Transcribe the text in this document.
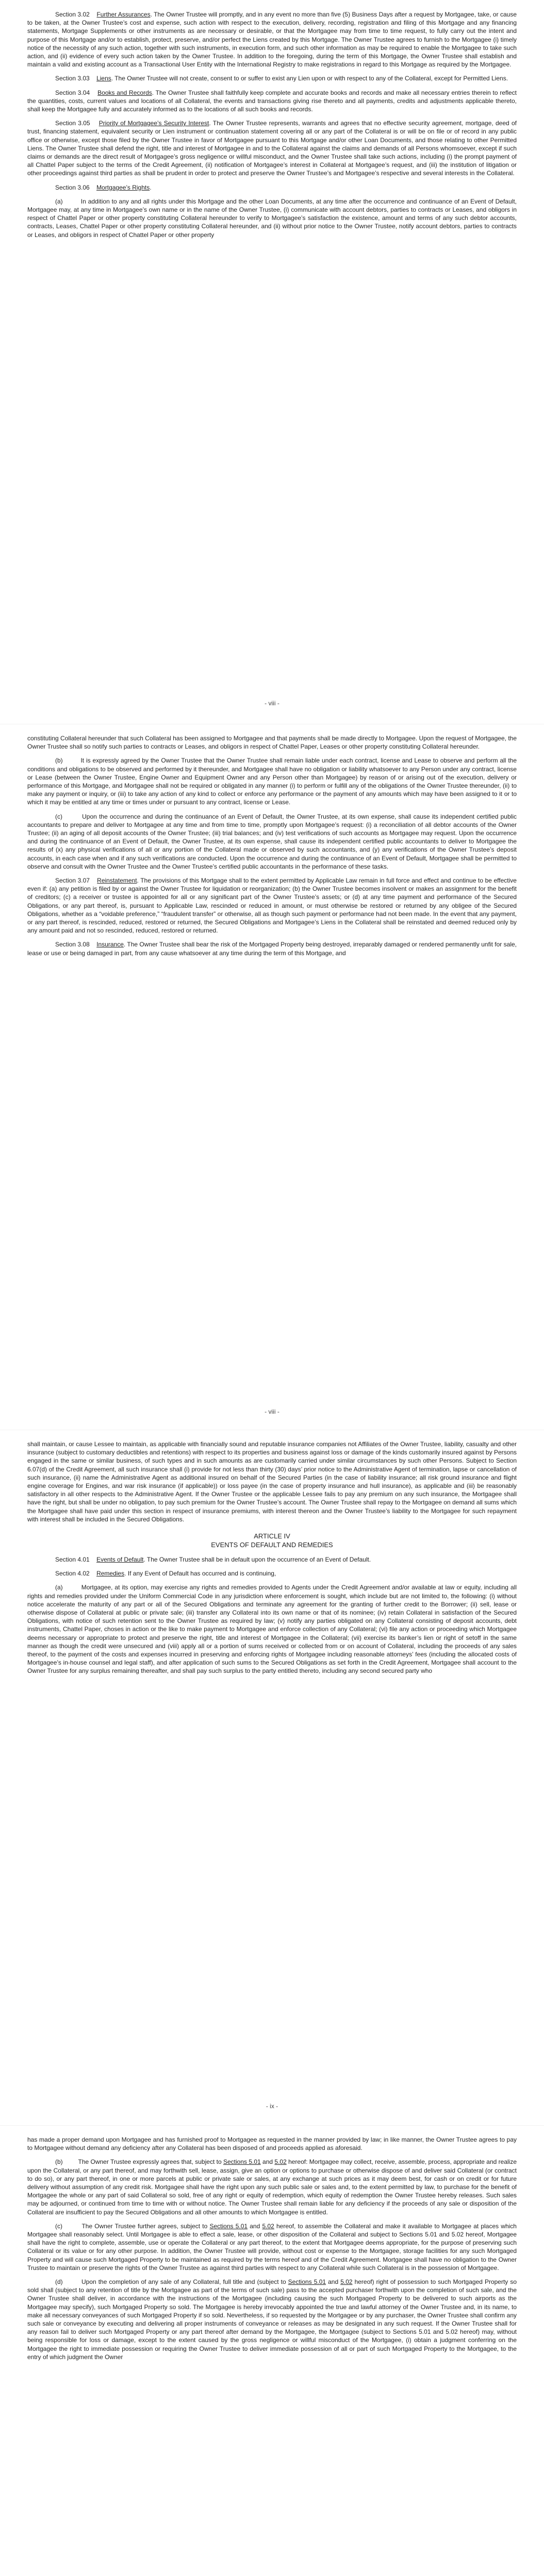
Section 3.02 Further Assurances. The Owner Trustee will promptly, and in any event no more than five (5) Business Days after a request by Mortgagee, take, or cause to be taken, at the Owner Trustee’s cost and expense, such action with respect to the execution, delivery, recording, registration and filing of this Mortgage and any financing statements, Mortgage Supplements or other instruments as are necessary or desirable, or that the Mortgagee may from time to time request, to fully carry out the intent and purpose of this Mortgage and/or to establish, protect, preserve, and/or perfect the Liens created by this Mortgage. The Owner Trustee agrees to furnish to the Mortgagee (i) timely notice of the necessity of any such action, together with such instruments, in execution form, and such other information as may be required to enable the Mortgagee to take such action, and (ii) evidence of every such action taken by the Owner Trustee. In addition to the foregoing, during the term of this Mortgage, the Owner Trustee shall establish and maintain a valid and existing account as a Transactional User Entity with the International Registry to make registrations in regard to this Mortgage as required by the Mortgagee.

Section 3.03 Liens. The Owner Trustee will not create, consent to or suffer to exist any Lien upon or with respect to any of the Collateral, except for Permitted Liens.

Section 3.04 Books and Records. The Owner Trustee shall faithfully keep complete and accurate books and records and make all necessary entries therein to reflect the quantities, costs, current values and locations of all Collateral, the events and transactions giving rise thereto and all payments, credits and adjustments applicable thereto, shall keep the Mortgagee fully and accurately informed as to the locations of all such books and records.

Section 3.05 Priority of Mortgagee’s Security Interest. The Owner Trustee represents, warrants and agrees that no effective security agreement, mortgage, deed of trust, financing statement, equivalent security or Lien instrument or continuation statement covering all or any part of the Collateral is or will be on file or of record in any public office or otherwise, except those filed by the Owner Trustee in favor of Mortgagee pursuant to this Mortgage and/or other Loan Documents, and those relating to other Permitted Liens. The Owner Trustee shall defend the right, title and interest of Mortgagee in and to the Collateral against the claims and demands of all Persons whomsoever, except if such claims or demands are the direct result of Mortgagee’s gross negligence or willful misconduct, and the Owner Trustee shall take such actions, including (i) the prompt payment of all Chattel Paper subject to the terms of the Credit Agreement, (ii) notification of Mortgagee’s interest in Collateral at Mortgagee’s request, and (iii) the institution of litigation or other proceedings against third parties as shall be prudent in order to protect and preserve the Owner Trustee’s and Mortgagee’s respective and several interests in the Collateral.

Section 3.06 Mortgagee’s Rights.

(a)	In addition to any and all rights under this Mortgage and the other Loan Documents, at any time after the occurrence and continuance of an Event of Default, Mortgagee may, at any time in Mortgagee’s own name or in the name of the Owner Trustee, (i) communicate with account debtors, parties to contracts or Leases, and obligors in respect of Chattel Paper or other property constituting Collateral hereunder to verify to Mortgagee’s satisfaction the existence, amount and terms of any such debtor accounts, contracts, Leases, Chattel Paper or other property constituting Collateral hereunder, and (ii) without prior notice to the Owner Trustee, notify account debtors, parties to contracts or Leases, and obligors in respect of Chattel Paper or other property

- viii -

constituting Collateral hereunder that such Collateral has been assigned to Mortgagee and that payments shall be made directly to Mortgagee. Upon the request of Mortgagee, the Owner Trustee shall so notify such parties to contracts or Leases, and obligors in respect of Chattel Paper, Leases or other property constituting Collateral hereunder.

(b)	It is expressly agreed by the Owner Trustee that the Owner Trustee shall remain liable under each contract, license and Lease to observe and perform all the conditions and obligations to be observed and performed by it thereunder, and Mortgagee shall have no obligation or liability whatsoever to any Person under any contract, license or Lease (between the Owner Trustee, Engine Owner and Equipment Owner and any Person other than Mortgagee) by reason of or arising out of the execution, delivery or performance of this Mortgage, and Mortgagee shall not be required or obligated in any manner (i) to perform or fulfill any of the obligations of the Owner Trustee thereunder, (ii) to make any payment or inquiry, or (iii) to take any action of any kind to collect or enforce any performance or the payment of any amounts which may have been assigned to it or to which it may be entitled at any time or times under or pursuant to any contract, license or Lease.

(c)	Upon the occurrence and during the continuance of an Event of Default, the Owner Trustee, at its own expense, shall cause its independent certified public accountants to prepare and deliver to Mortgagee at any time and from time to time, promptly upon Mortgagee’s request: (i) a reconciliation of all debtor accounts of the Owner Trustee; (ii) an aging of all deposit accounts of the Owner Trustee; (iii) trial balances; and (iv) test verifications of such accounts as Mortgagee may request. Upon the occurrence and during the continuance of an Event of Default, the Owner Trustee, at its own expense, shall cause its independent certified public accountants to deliver to Mortgagee the results of (x) any physical verifications of all or any portion of the Collateral made or observed by such accountants, and (y) any verifications of the Owner Trustee’s deposit accounts, in each case when and if any such verifications are conducted. Upon the occurrence and during the continuance of an Event of Default, Mortgagee shall be permitted to observe and consult with the Owner Trustee and the Owner Trustee’s certified public accountants in the performance of these tasks.

Section 3.07 Reinstatement. The provisions of this Mortgage shall to the extent permitted by Applicable Law remain in full force and effect and continue to be effective even if: (a) any petition is filed by or against the Owner Trustee for liquidation or reorganization; (b) the Owner Trustee becomes insolvent or makes an assignment for the benefit of creditors; (c) a receiver or trustee is appointed for all or any significant part of the Owner Trustee’s assets; or (d) at any time payment and performance of the Secured Obligations, or any part thereof, is, pursuant to Applicable Law, rescinded or reduced in amount, or must otherwise be restored or returned by any obligee of the Secured Obligations, whether as a “voidable preference,” “fraudulent transfer” or otherwise, all as though such payment or performance had not been made. In the event that any payment, or any part thereof, is rescinded, reduced, restored or returned, the Secured Obligations and Mortgagee’s Liens in the Collateral shall be reinstated and deemed reduced only by any amount paid and not so rescinded, reduced, restored or returned.

Section 3.08 Insurance. The Owner Trustee shall bear the risk of the Mortgaged Property being destroyed, irreparably damaged or rendered permanently unfit for sale, lease or use or being damaged in part, from any cause whatsoever at any time during the term of this Mortgage, and

- viii -

shall maintain, or cause Lessee to maintain, as applicable with financially sound and reputable insurance companies not Affiliates of the Owner Trustee, liability, casualty and other insurance (subject to customary deductibles and retentions) with respect to its properties and business against loss or damage of the kinds customarily insured against by Persons engaged in the same or similar business, of such types and in such amounts as are customarily carried under similar circumstances by such other Persons. Subject to Section 6.07(d) of the Credit Agreement, all such insurance shall (i) provide for not less than thirty (30) days’ prior notice to the Administrative Agent of termination, lapse or cancellation of such insurance, (ii) name the Administrative Agent as additional insured on behalf of the Secured Parties (in the case of liability insurance; all risk ground insurance and flight engine coverage for Engines, and war risk insurance (if applicable)) or loss payee (in the case of property insurance and hull insurance), as applicable and (iii) be reasonably satisfactory in all other respects to the Administrative Agent. If the Owner Trustee or the applicable Lessee fails to pay any premium on any such insurance, the Mortgagee shall have the right, but shall be under no obligation, to pay such premium for the Owner Trustee’s account. The Owner Trustee shall repay to the Mortgagee on demand all sums which the Mortgagee shall have paid under this section in respect of insurance premiums, with interest thereon and the Owner Trustee’s liability to the Mortgagee for such repayment with interest shall be included in the Secured Obligations.

ARTICLE IV
EVENTS OF DEFAULT AND REMEDIES

Section 4.01 Events of Default. The Owner Trustee shall be in default upon the occurrence of an Event of Default.

Section 4.02 Remedies. If any Event of Default has occurred and is continuing,

(a)	Mortgagee, at its option, may exercise any rights and remedies provided to Agents under the Credit Agreement and/or available at law or equity, including all rights and remedies provided under the Uniform Commercial Code in any jurisdiction where enforcement is sought, which include but are not limited to, the following: (i) without notice accelerate the maturity of any part or all of the Secured Obligations and terminate any agreement for the granting of further credit to the Borrower; (ii) sell, lease or otherwise dispose of Collateral at public or private sale; (iii) transfer any Collateral into its own name or that of its nominee; (iv) retain Collateral in satisfaction of the Secured Obligations, with notice of such retention sent to the Owner Trustee as required by law; (v) notify any parties obligated on any Collateral consisting of deposit accounts, debt instruments, Chattel Paper, choses in action or the like to make payment to Mortgagee and enforce collection of any Collateral; (vi) file any action or proceeding which Mortgagee deems necessary or appropriate to protect and preserve the right, title and interest of Mortgagee in the Collateral; (vii) exercise its banker’s lien or right of setoff in the same manner as though the credit were unsecured and (viii) apply all or a portion of sums received or collected from or on account of Collateral, including the proceeds of any sales thereof, to the payment of the costs and expenses incurred in preserving and enforcing rights of Mortgagee including reasonable attorneys’ fees (including the allocated costs of Mortgagee’s in-house counsel and legal staff), and after application of such sums to the Secured Obligations as set forth in the Credit Agreement, Mortgagee shall account to the Owner Trustee for any surplus remaining thereafter, and shall pay such surplus to the party entitled thereto, including any second secured party who

- ix -

has made a proper demand upon Mortgagee and has furnished proof to Mortgagee as requested in the manner provided by law; in like manner, the Owner Trustee agrees to pay to Mortgagee without demand any deficiency after any Collateral has been disposed of and proceeds applied as aforesaid.

(b) The Owner Trustee expressly agrees that, subject to Sections 5.01 and 5.02 hereof: Mortgagee may collect, receive, assemble, process, appropriate and realize upon the Collateral, or any part thereof, and may forthwith sell, lease, assign, give an option or options to purchase or otherwise dispose of and deliver said Collateral (or contract to do so), or any part thereof, in one or more parcels at public or private sale or sales, at any exchange at such prices as it may deem best, for cash or on credit or for future delivery without assumption of any credit risk. Mortgagee shall have the right upon any such public sale or sales and, to the extent permitted by law, to purchase for the benefit of Mortgagee the whole or any part of said Collateral so sold, free of any right or equity of redemption, which equity of redemption the Owner Trustee hereby releases. Such sales may be adjourned, or continued from time to time with or without notice. The Owner Trustee shall remain liable for any deficiency if the proceeds of any sale or disposition of the Collateral are insufficient to pay the Secured Obligations and all other amounts to which Mortgagee is entitled.

(c)	The Owner Trustee further agrees, subject to Sections 5.01 and 5.02 hereof, to assemble the Collateral and make it available to Mortgagee at places which Mortgagee shall reasonably select. Until Mortgagee is able to effect a sale, lease, or other disposition of the Collateral and subject to Sections 5.01 and 5.02 hereof, Mortgagee shall have the right to complete, assemble, use or operate the Collateral or any part thereof, to the extent that Mortgagee deems appropriate, for the purpose of preserving such Collateral or its value or for any other purpose. In addition, the Owner Trustee will provide, without cost or expense to the Mortgagee, storage facilities for any such Mortgaged Property and will cause such Mortgaged Property to be maintained as required by the terms hereof and of the Credit Agreement. Mortgagee shall have no obligation to the Owner Trustee to maintain or preserve the rights of the Owner Trustee as against third parties with respect to any Collateral while such Collateral is in the possession of Mortgagee.

(d)	Upon the completion of any sale of any Collateral, full title and (subject to Sections 5.01 and 5.02 hereof) right of possession to such Mortgaged Property so sold shall (subject to any retention of title by the Mortgagee as part of the terms of such sale) pass to the accepted purchaser forthwith upon the completion of such sale, and the Owner Trustee shall deliver, in accordance with the instructions of the Mortgagee (including causing the such Mortgaged Property to be delivered to such airports as the Mortgagee may specify), such Mortgaged Property so sold. The Mortgagee is hereby irrevocably appointed the true and lawful attorney of the Owner Trustee and, in its name, to make all necessary conveyances of such Mortgaged Property if so sold. Nevertheless, if so requested by the Mortgagee or by any purchaser, the Owner Trustee shall confirm any such sale or conveyance by executing and delivering all proper instruments of conveyance or releases as may be designated in any such request. If the Owner Trustee shall for any reason fail to deliver such Mortgaged Property or any part thereof after demand by the Mortgagee, the Mortgagee (subject to Sections 5.01 and 5.02 hereof) may, without being responsible for loss or damage, except to the extent caused by the gross negligence or willful misconduct of the Mortgagee, (i) obtain a judgment conferring on the Mortgagee the right to immediate possession or requiring the Owner Trustee to deliver immediate possession of all or part of such Mortgaged Property to the Mortgagee, to the entry of which judgment the Owner
